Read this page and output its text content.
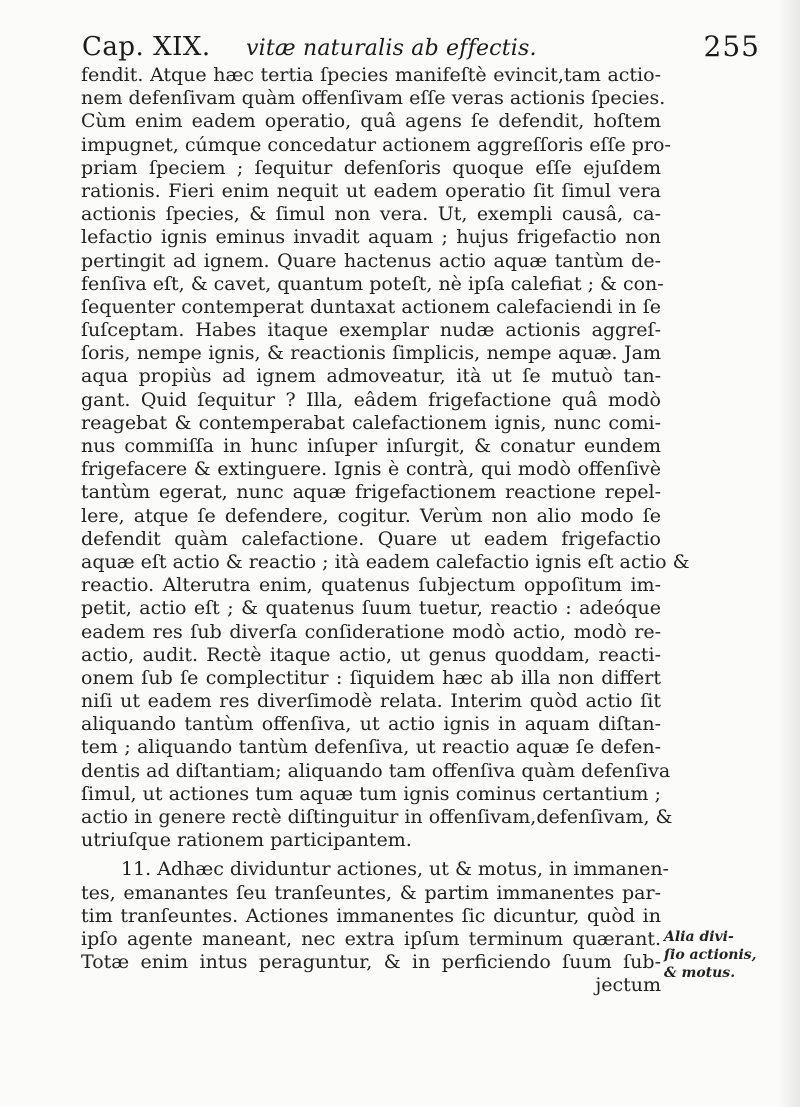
Cap. XIX. vitæ naturalis ab effectis.	255
fendit. Atque hæc tertia ſpecies manifeſtè evincit,tam actio-
nem defenſivam quàm offenſivam eſſe veras actionis ſpecies.
Cùm enim eadem operatio, quâ agens ſe defendit, hoſtem
impugnet, cúmque concedatur actionem aggreſſoris eſſe pro-
priam ſpeciem ; ſequitur defenſoris quoque eſſe ejuſdem
rationis. Fieri enim nequit ut eadem operatio ſit ſimul vera
actionis ſpecies, & ſimul non vera. Ut, exempli causâ, ca-
lefactio ignis eminus invadit aquam ; hujus frigefactio non
pertingit ad ignem. Quare hactenus actio aquæ tantùm de-
fenſiva eſt, & cavet, quantum poteſt, nè ipſa calefiat ; & con-
ſequenter contemperat duntaxat actionem calefaciendi in ſe
ſuſceptam. Habes itaque exemplar nudæ actionis aggreſ-
ſoris, nempe ignis, & reactionis ſimplicis, nempe aquæ. Jam
aqua propiùs ad ignem admoveatur, ità ut ſe mutuò tan-
gant. Quid ſequitur ? Illa, eâdem frigefactione quâ modò
reagebat & contemperabat calefactionem ignis, nunc comi-
nus commiſſa in hunc inſuper inſurgit, & conatur eundem
frigefacere & extinguere. Ignis è contrà, qui modò offenſivè
tantùm egerat, nunc aquæ frigefactionem reactione repel-
lere, atque ſe defendere, cogitur. Verùm non alio modo ſe
defendit quàm calefactione. Quare ut eadem frigefactio
aquæ eſt actio & reactio ; ità eadem calefactio ignis eſt actio &
reactio. Alterutra enim, quatenus ſubjectum oppoſitum im-
petit, actio eſt ; & quatenus ſuum tuetur, reactio : adeóque
eadem res ſub diverſa conſideratione modò actio, modò re-
actio, audit. Rectè itaque actio, ut genus quoddam, reacti-
onem ſub ſe complectitur : ſiquidem hæc ab illa non differt
niſi ut eadem res diverſimodè relata. Interim quòd actio ſit
aliquando tantùm offenſiva, ut actio ignis in aquam diſtan-
tem ; aliquando tantùm defenſiva, ut reactio aquæ ſe defen-
dentis ad diſtantiam; aliquando tam offenſiva quàm defenſiva
ſimul, ut actiones tum aquæ tum ignis cominus certantium ;
actio in genere rectè diſtinguitur in offenſivam,defenſivam, &
utriuſque rationem participantem.
11. Adhæc dividuntur actiones, ut & motus, in immanen-
tes, emanantes ſeu tranſeuntes, & partim immanentes par-
tim tranſeuntes. Actiones immanentes ſic dicuntur, quòd in
ipſo agente maneant, nec extra ipſum terminum quærant.
Totæ enim intus peraguntur, & in perficiendo ſuum ſub-
jectum
Alia divi-
ſio actionis,
& motus.
